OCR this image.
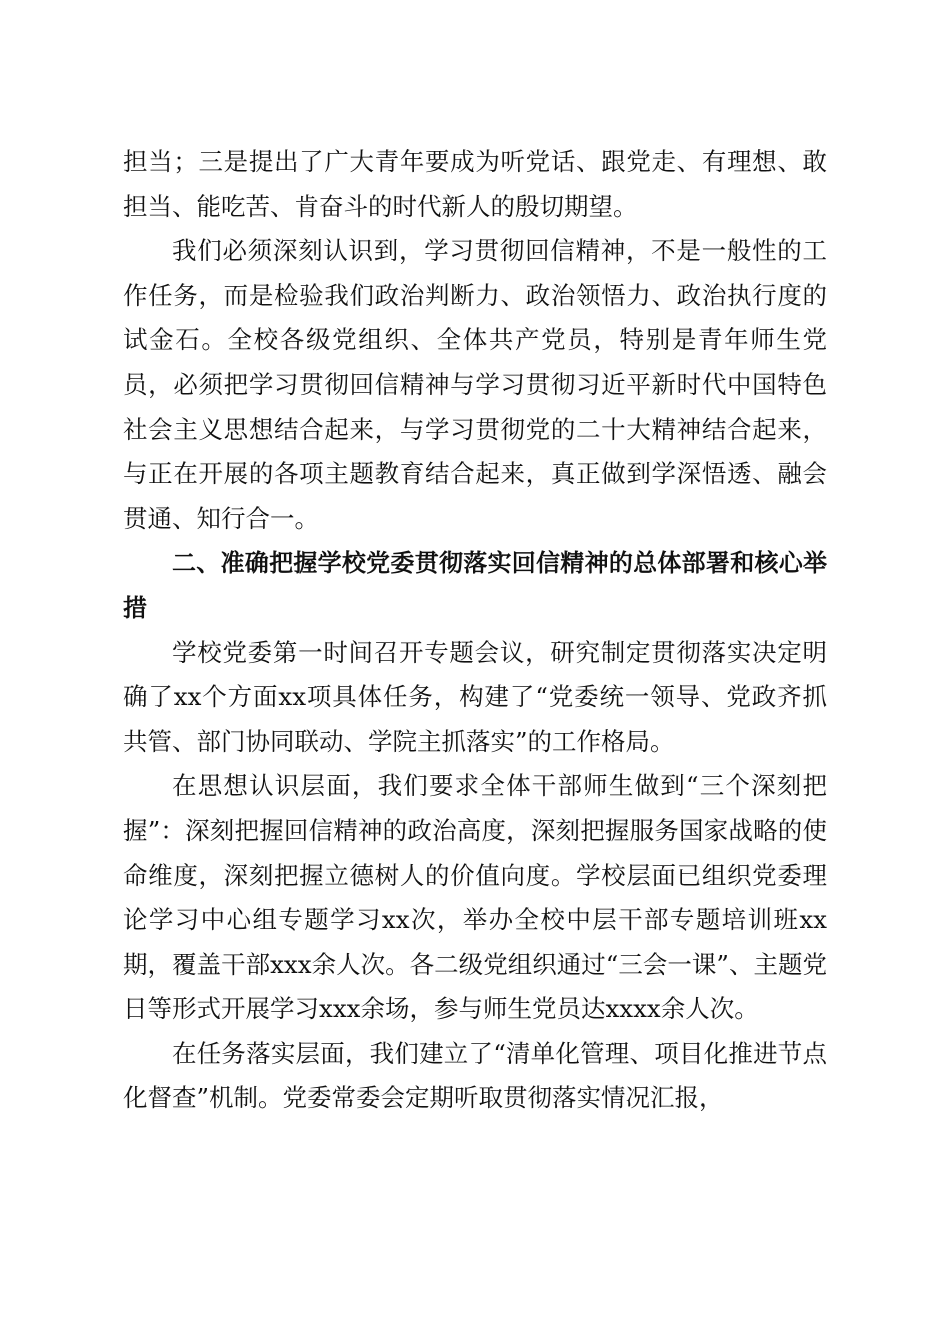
担当；三是提出了广大青年要成为听党话、跟党走、有理想、敢担当、能吃苦、肯奋斗的时代新人的殷切期望。

我们必须深刻认识到，学习贯彻回信精神，不是一般性的工作任务，而是检验我们政治判断力、政治领悟力、政治执行度的试金石。全校各级党组织、全体共产党员，特别是青年师生党员，必须把学习贯彻回信精神与学习贯彻习近平新时代中国特色社会主义思想结合起来，与学习贯彻党的二十大精神结合起来，与正在开展的各项主题教育结合起来，真正做到学深悟透、融会贯通、知行合一。

二、准确把握学校党委贯彻落实回信精神的总体部署和核心举措

学校党委第一时间召开专题会议，研究制定贯彻落实决定明确了xx个方面xx项具体任务，构建了“党委统一领导、党政齐抓共管、部门协同联动、学院主抓落实”的工作格局。

在思想认识层面，我们要求全体干部师生做到“三个深刻把握”：深刻把握回信精神的政治高度，深刻把握服务国家战略的使命维度，深刻把握立德树人的价值向度。学校层面已组织党委理论学习中心组专题学习xx次，举办全校中层干部专题培训班xx期，覆盖干部xxx余人次。各二级党组织通过“三会一课”、主题党日等形式开展学习xxx余场，参与师生党员达xxxx余人次。

在任务落实层面，我们建立了“清单化管理、项目化推进节点化督查”机制。党委常委会定期听取贯彻落实情况汇报，
